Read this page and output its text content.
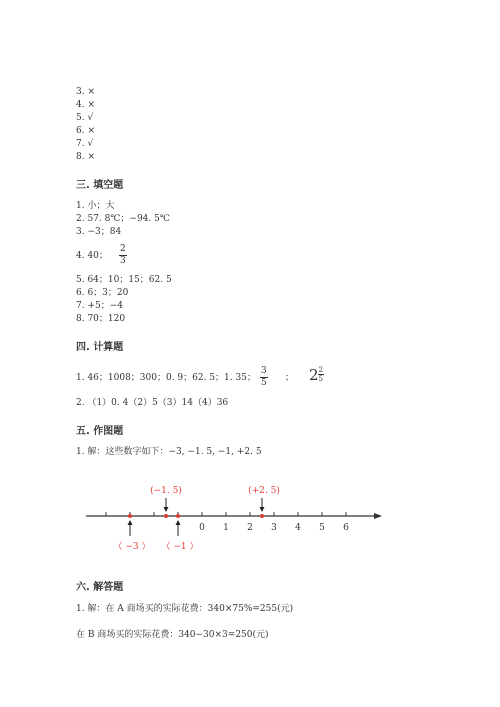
3. ×
4. ×
5. √
6. ×
7. √
8. ×
三. 填空题
1. 小；大
2. 57. 8℃；−94. 5℃
3. −3；84
4. 40；
2
3
5. 64；10；15；62. 5
6. 6；3；20
7. +5；−4
8. 70；120
四. 计算题
1. 46；1008；300；0. 9；62. 5；1. 35；
3
5 ； $2 \frac{2}{5}$
2. （1）0. 4（2）5（3）14（4）36
五. 作图题
1. 解：这些数字如下：−3, −1. 5, −1, +2. 5
0 1 2 3 4 5 6
(−1. 5)	(+2. 5)
（ −3 ） （ −1 ）
六. 解答题
1. 解：在 A 商场买的实际花费：340×75%=255(元)
在 B 商场买的实际花费：340−30×3=250(元)
